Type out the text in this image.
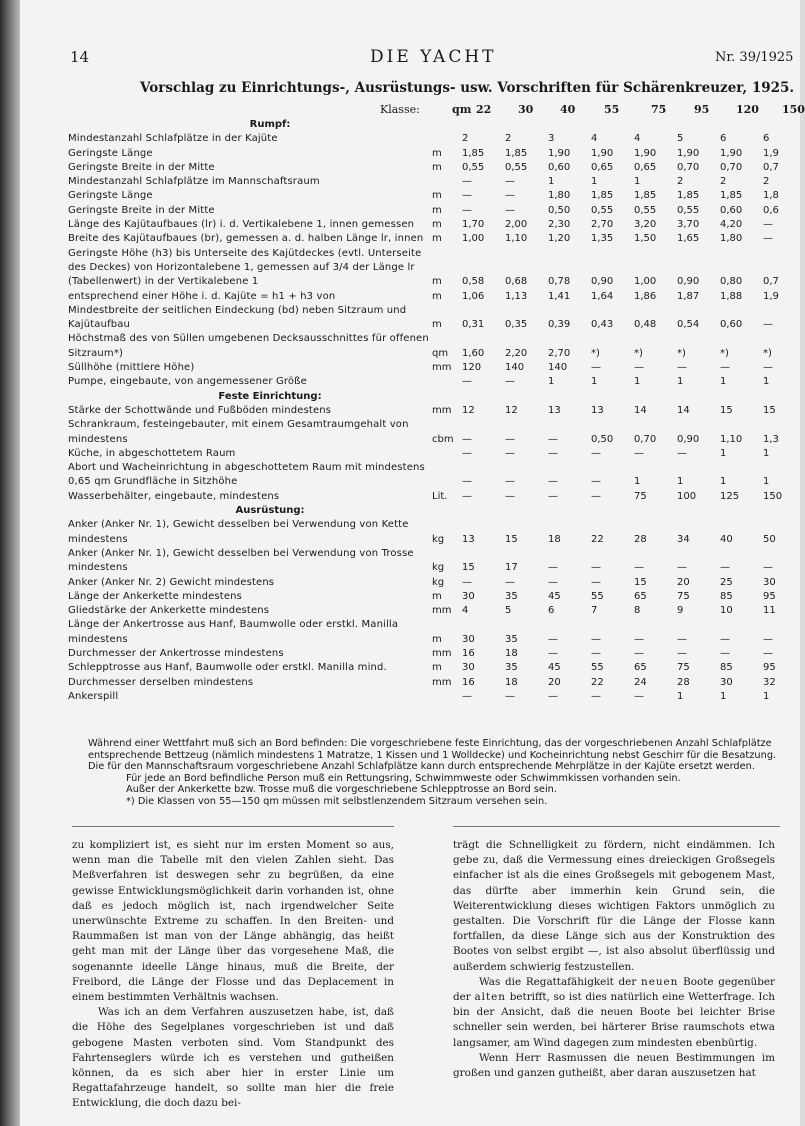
14	DIE YACHT	Nr. 39/1925
Vorschlag zu Einrichtungs-, Ausrüstungs- usw. Vorschriften für Schärenkreuzer, 1925.
Klasse:	qm 22 30 40	55	75	95 120 150
Rumpf:									
Mindestanzahl Schlafplätze in der Kajüte		2	2	3	4	4	5	6	6
Geringste Länge	m	1,85	1,85	1,90	1,90	1,90	1,90	1,90	1,9
Geringste Breite in der Mitte	m	0,55	0,55	0,60	0,65	0,65	0,70	0,70	0,7
Mindestanzahl Schlafplätze im Mannschaftsraum		—	—	1	1	1	2	2	2
Geringste Länge	m	—	—	1,80	1,85	1,85	1,85	1,85	1,8
Geringste Breite in der Mitte	m	—	—	0,50	0,55	0,55	0,55	0,60	0,6
Länge des Kajütaufbaues (lr) i. d. Vertikalebene 1, innen gemessen	m	1,70	2,00	2,30	2,70	3,20	3,70	4,20	—
Breite des Kajütaufbaues (br), gemessen a. d. halben Länge lr, innen	m	1,00	1,10	1,20	1,35	1,50	1,65	1,80	—
Geringste Höhe (h3) bis Unterseite des Kajütdeckes (evtl. Unterseite des Deckes) von Horizontalebene 1, gemessen auf 3/4 der Länge lr (Tabellenwert) in der Vertikalebene 1	m	0,58	0,68	0,78	0,90	1,00	0,90	0,80	0,7
entsprechend einer Höhe i. d. Kajüte = h1 + h3 von	m	1,06	1,13	1,41	1,64	1,86	1,87	1,88	1,9
Mindestbreite der seitlichen Eindeckung (bd) neben Sitzraum und Kajütaufbau	m	0,31	0,35	0,39	0,43	0,48	0,54	0,60	—
Höchstmaß des von Süllen umgebenen Decksausschnittes für offenen Sitzraum*)	qm	1,60	2,20	2,70	*)	*)	*)	*)	*)
Süllhöhe (mittlere Höhe)	mm	120	140	140	—	—	—	—	—
Pumpe, eingebaute, von angemessener Größe		—	—	1	1	1	1	1	1
Feste Einrichtung:									
Stärke der Schottwände und Fußböden mindestens	mm	12	12	13	13	14	14	15	15
Schrankraum, festeingebauter, mit einem Gesamtraumgehalt von mindestens	cbm	—	—	—	0,50	0,70	0,90	1,10	1,3
Küche, in abgeschottetem Raum		—	—	—	—	—	—	1	1
Abort und Wacheinrichtung in abgeschottetem Raum mit mindestens 0,65 qm Grundfläche in Sitzhöhe		—	—	—	—	1	1	1	1
Wasserbehälter, eingebaute, mindestens	Lit.	—	—	—	—	75	100	125	150
Ausrüstung:									
Anker (Anker Nr. 1), Gewicht desselben bei Verwendung von Kette mindestens	kg	13	15	18	22	28	34	40	50
Anker (Anker Nr. 1), Gewicht desselben bei Verwendung von Trosse mindestens	kg	15	17	—	—	—	—	—	—
Anker (Anker Nr. 2) Gewicht mindestens	kg	—	—	—	—	15	20	25	30
Länge der Ankerkette mindestens	m	30	35	45	55	65	75	85	95
Gliedstärke der Ankerkette mindestens	mm	4	5	6	7	8	9	10	11
Länge der Ankertrosse aus Hanf, Baumwolle oder erstkl. Manilla mindestens	m	30	35	—	—	—	—	—	—
Durchmesser der Ankertrosse mindestens	mm	16	18	—	—	—	—	—	—
Schlepptrosse aus Hanf, Baumwolle oder erstkl. Manilla mind.	m	30	35	45	55	65	75	85	95
Durchmesser derselben mindestens	mm	16	18	20	22	24	28	30	32
Ankerspill		—	—	—	—	—	1	1	1

Während einer Wettfahrt muß sich an Bord befinden: Die vorgeschriebene feste Einrichtung, das der vorgeschriebenen Anzahl Schlafplätze entsprechende Bettzeug (nämlich mindestens 1 Matratze, 1 Kissen und 1 Wolldecke) und Kocheinrichtung nebst Geschirr für die Besatzung. Die für den Mannschaftsraum vorgeschriebene Anzahl Schlafplätze kann durch entsprechende Mehrplätze in der Kajüte ersetzt werden.

Für jede an Bord befindliche Person muß ein Rettungsring, Schwimmweste oder Schwimmkissen vorhanden sein.

Außer der Ankerkette bzw. Trosse muß die vorgeschriebene Schlepptrosse an Bord sein.

*) Die Klassen von 55—150 qm müssen mit selbstlenzendem Sitzraum versehen sein.

zu kompliziert ist, es sieht nur im ersten Moment so aus, wenn man die Tabelle mit den vielen Zahlen sieht. Das Meßverfahren ist deswegen sehr zu begrüßen, da eine gewisse Entwicklungsmöglichkeit darin vorhanden ist, ohne daß es jedoch möglich ist, nach irgendwelcher Seite unerwünschte Extreme zu schaffen. In den Breiten- und Raummaßen ist man von der Länge abhängig, das heißt geht man mit der Länge über das vorgesehene Maß, die sogenannte ideelle Länge hinaus, muß die Breite, der Freibord, die Länge der Flosse und das Deplacement in einem bestimmten Verhältnis wachsen.

Was ich an dem Verfahren auszusetzen habe, ist, daß die Höhe des Segelplanes vorgeschrieben ist und daß gebogene Masten verboten sind. Vom Standpunkt des Fahrtenseglers würde ich es verstehen und gutheißen können, da es sich aber hier in erster Linie um Regattafahrzeuge handelt, so sollte man hier die freie Entwicklung, die doch dazu bei-

trägt die Schnelligkeit zu fördern, nicht eindämmen. Ich gebe zu, daß die Vermessung eines dreieckigen Großsegels einfacher ist als die eines Großsegels mit gebogenem Mast, das dürfte aber immerhin kein Grund sein, die Weiterentwicklung dieses wichtigen Faktors unmöglich zu gestalten. Die Vorschrift für die Länge der Flosse kann fortfallen, da diese Länge sich aus der Konstruktion des Bootes von selbst ergibt —, ist also absolut überflüssig und außerdem schwierig festzustellen.

Was die Regattafähigkeit der neuen Boote gegenüber der alten betrifft, so ist dies natürlich eine Wetterfrage. Ich bin der Ansicht, daß die neuen Boote bei leichter Brise schneller sein werden, bei härterer Brise raumschots etwa langsamer, am Wind dagegen zum mindesten ebenbürtig.

Wenn Herr Rasmussen die neuen Bestimmungen im großen und ganzen gutheißt, aber daran auszusetzen hat
